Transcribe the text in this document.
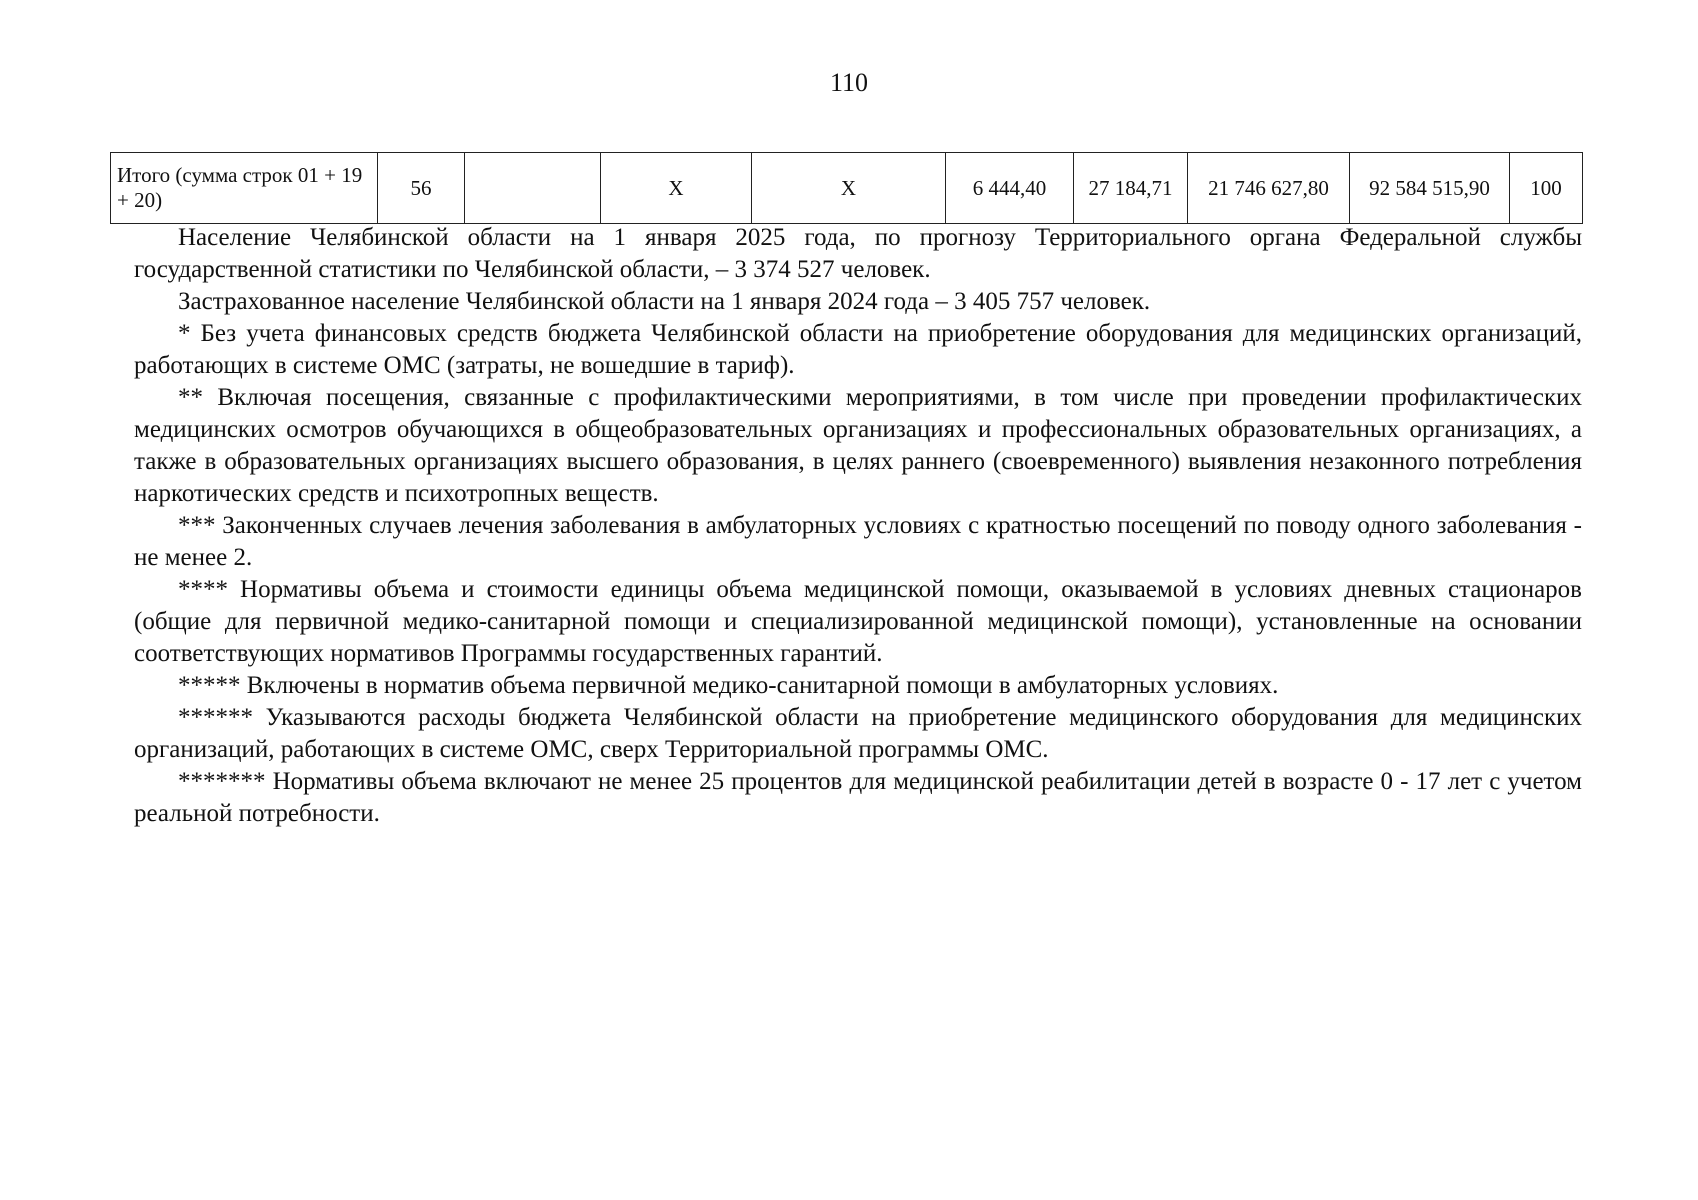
110
Итого (сумма строк 01 + 19 + 20)	56		Х	Х	6 444,40	27 184,71	21 746 627,80	92 584 515,90	100

Население Челябинской области на 1 января 2025 года, по прогнозу Территориального органа Федеральной службы государственной статистики по Челябинской области, – 3 374 527 человек.

Застрахованное население Челябинской области на 1 января 2024 года – 3 405 757 человек.

* Без учета финансовых средств бюджета Челябинской области на приобретение оборудования для медицинских организаций, работающих в системе ОМС (затраты, не вошедшие в тариф).

** Включая посещения, связанные с профилактическими мероприятиями, в том числе при проведении профилактических медицинских осмотров обучающихся в общеобразовательных организациях и профессиональных образовательных организациях, а также в образовательных организациях высшего образования, в целях раннего (своевременного) выявления незаконного потребления наркотических средств и психотропных веществ.

*** Законченных случаев лечения заболевания в амбулаторных условиях с кратностью посещений по поводу одного заболевания - не менее 2.

**** Нормативы объема и стоимости единицы объема медицинской помощи, оказываемой в условиях дневных стационаров (общие для первичной медико-санитарной помощи и специализированной медицинской помощи), установленные на основании соответствующих нормативов Программы государственных гарантий.

***** Включены в норматив объема первичной медико-санитарной помощи в амбулаторных условиях.

****** Указываются расходы бюджета Челябинской области на приобретение медицинского оборудования для медицинских организаций, работающих в системе ОМС, сверх Территориальной программы ОМС.

******* Нормативы объема включают не менее 25 процентов для медицинской реабилитации детей в возрасте 0 - 17 лет с учетом реальной потребности.
